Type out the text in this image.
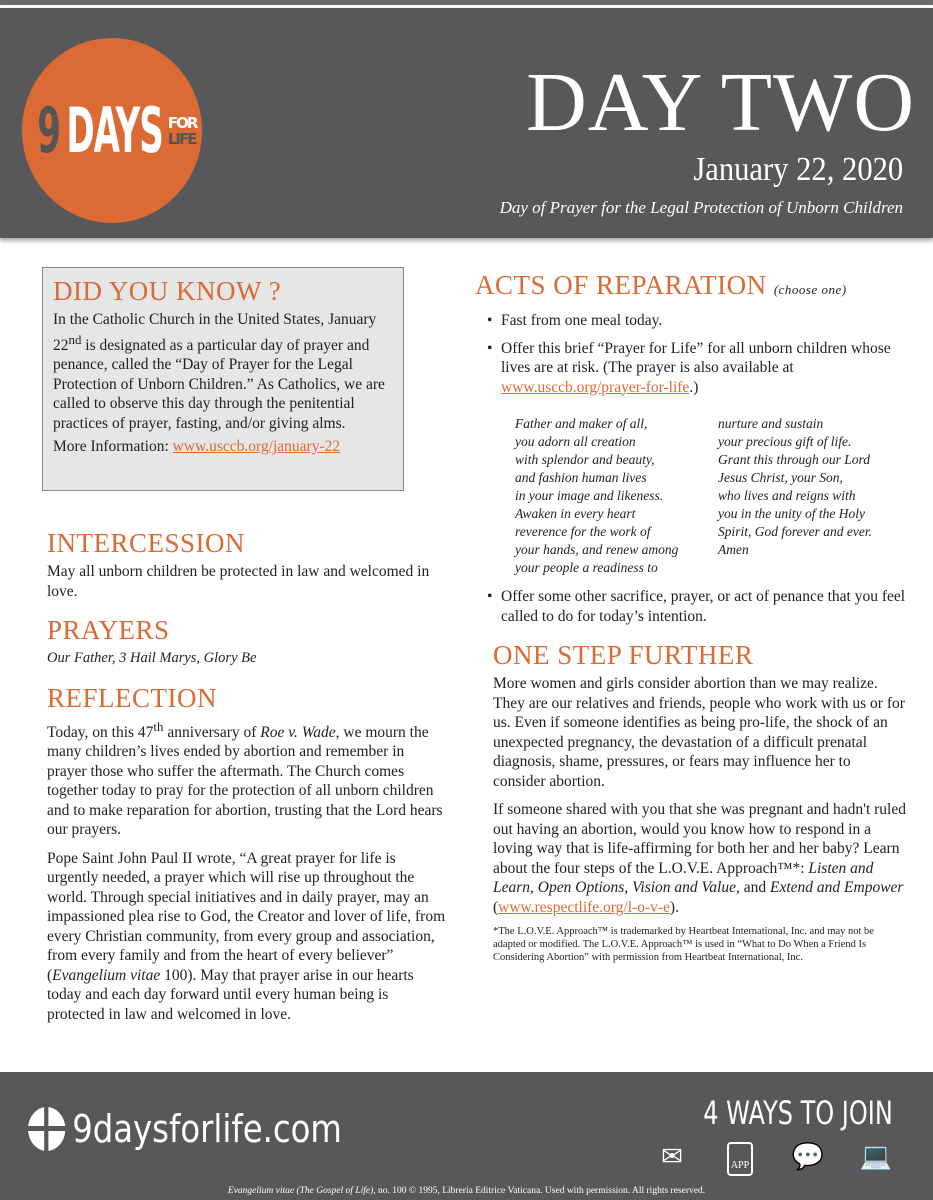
9 DAYS FOR
LIFE	DAY TWO
January 22, 2020
Day of Prayer for the Legal Protection of Unborn Children
DID YOU KNOW ?

In the Catholic Church in the United States, January 22nd is designated as a particular day of prayer and penance, called the “Day of Prayer for the Legal Protection of Unborn Children.” As Catholics, we are called to observe this day through the penitential practices of prayer, fasting, and/or giving alms.

More Information: www.usccb.org/january-22

INTERCESSION

May all unborn children be protected in law and welcomed in love.

PRAYERS

Our Father, 3 Hail Marys, Glory Be

REFLECTION

Today, on this 47th anniversary of Roe v. Wade, we mourn the many children’s lives ended by abortion and remember in prayer those who suffer the aftermath. The Church comes together today to pray for the protection of all unborn children and to make reparation for abortion, trusting that the Lord hears our prayers.

Pope Saint John Paul II wrote, “A great prayer for life is urgently needed, a prayer which will rise up throughout the world. Through special initiatives and in daily prayer, may an impassioned plea rise to God, the Creator and lover of life, from every Christian community, from every group and association, from every family and from the heart of every believer” (Evangelium vitae 100). May that prayer arise in our hearts today and each day forward until every human being is protected in law and welcomed in love.

ACTS OF REPARATION (choose one)
• Fast from one meal today.
• Offer this brief “Prayer for Life” for all unborn children whose lives are at risk. (The prayer is also available at www.usccb.org/prayer-for-life.)
Father and maker of all,
you adorn all creation
with splendor and beauty,
and fashion human lives
in your image and likeness.
Awaken in every heart
reverence for the work of
your hands, and renew among
your people a readiness to
nurture and sustain
your precious gift of life.
Grant this through our Lord
Jesus Christ, your Son,
who lives and reigns with
you in the unity of the Holy
Spirit, God forever and ever.
Amen
• Offer some other sacrifice, prayer, or act of penance that you feel called to do for today’s intention.
ONE STEP FURTHER

More women and girls consider abortion than we may realize. They are our relatives and friends, people who work with us or for us. Even if someone identifies as being pro-life, the shock of an unexpected pregnancy, the devastation of a difficult prenatal diagnosis, shame, pressures, or fears may influence her to consider abortion.

If someone shared with you that she was pregnant and hadn't ruled out having an abortion, would you know how to respond in a loving way that is life-affirming for both her and her baby? Learn about the four steps of the L.O.V.E. Approach™*: Listen and Learn, Open Options, Vision and Value, and Extend and Empower (www.respectlife.org/l-o-v-e).

*The L.O.V.E. Approach™ is trademarked by Heartbeat International, Inc. and may not be adapted or modified. The L.O.V.E. Approach™ is used in “What to Do When a Friend Is Considering Abortion” with permission from Heartbeat International, Inc.

9daysforlife.com	4 WAYS TO JOIN
✉	APP 💬 💻
Evangelium vitae (The Gospel of Life), no. 100 © 1995, Libreria Editrice Vaticana. Used with permission. All rights reserved.
